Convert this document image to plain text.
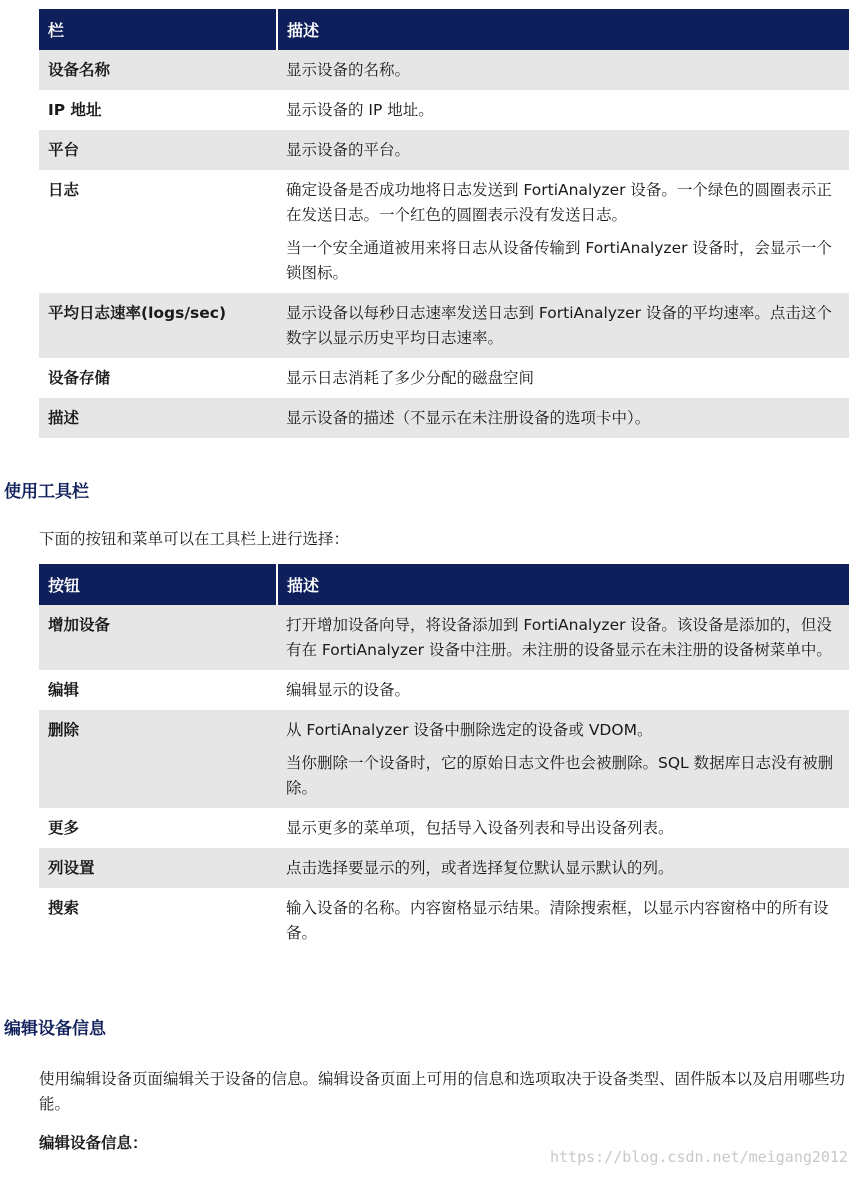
栏	描述
设备名称	显示设备的名称。

IP 地址	显示设备的 IP 地址。

平台	显示设备的平台。

日志	确定设备是否成功地将日志发送到 FortiAnalyzer 设备。一个绿色的圆圈表示正在发送日志。一个红色的圆圈表示没有发送日志。

当一个安全通道被用来将日志从设备传输到 FortiAnalyzer 设备时，会显示一个锁图标。

平均日志速率(logs/sec)	显示设备以每秒日志速率发送日志到 FortiAnalyzer 设备的平均速率。点击这个数字以显示历史平均日志速率。

设备存储	显示日志消耗了多少分配的磁盘空间

描述	显示设备的描述（不显示在未注册设备的选项卡中）。

使用工具栏

下面的按钮和菜单可以在工具栏上进行选择：

按钮	描述
增加设备	打开增加设备向导，将设备添加到 FortiAnalyzer 设备。该设备是添加的，但没有在 FortiAnalyzer 设备中注册。未注册的设备显示在未注册的设备树菜单中。

编辑	编辑显示的设备。

删除	从 FortiAnalyzer 设备中删除选定的设备或 VDOM。

当你删除一个设备时，它的原始日志文件也会被删除。SQL 数据库日志没有被删除。

更多	显示更多的菜单项，包括导入设备列表和导出设备列表。

列设置	点击选择要显示的列，或者选择复位默认显示默认的列。

搜索	输入设备的名称。内容窗格显示结果。清除搜索框，以显示内容窗格中的所有设备。

编辑设备信息

使用编辑设备页面编辑关于设备的信息。编辑设备页面上可用的信息和选项取决于设备类型、固件版本以及启用哪些功能。

编辑设备信息：

https://blog.csdn.net/meigang2012
